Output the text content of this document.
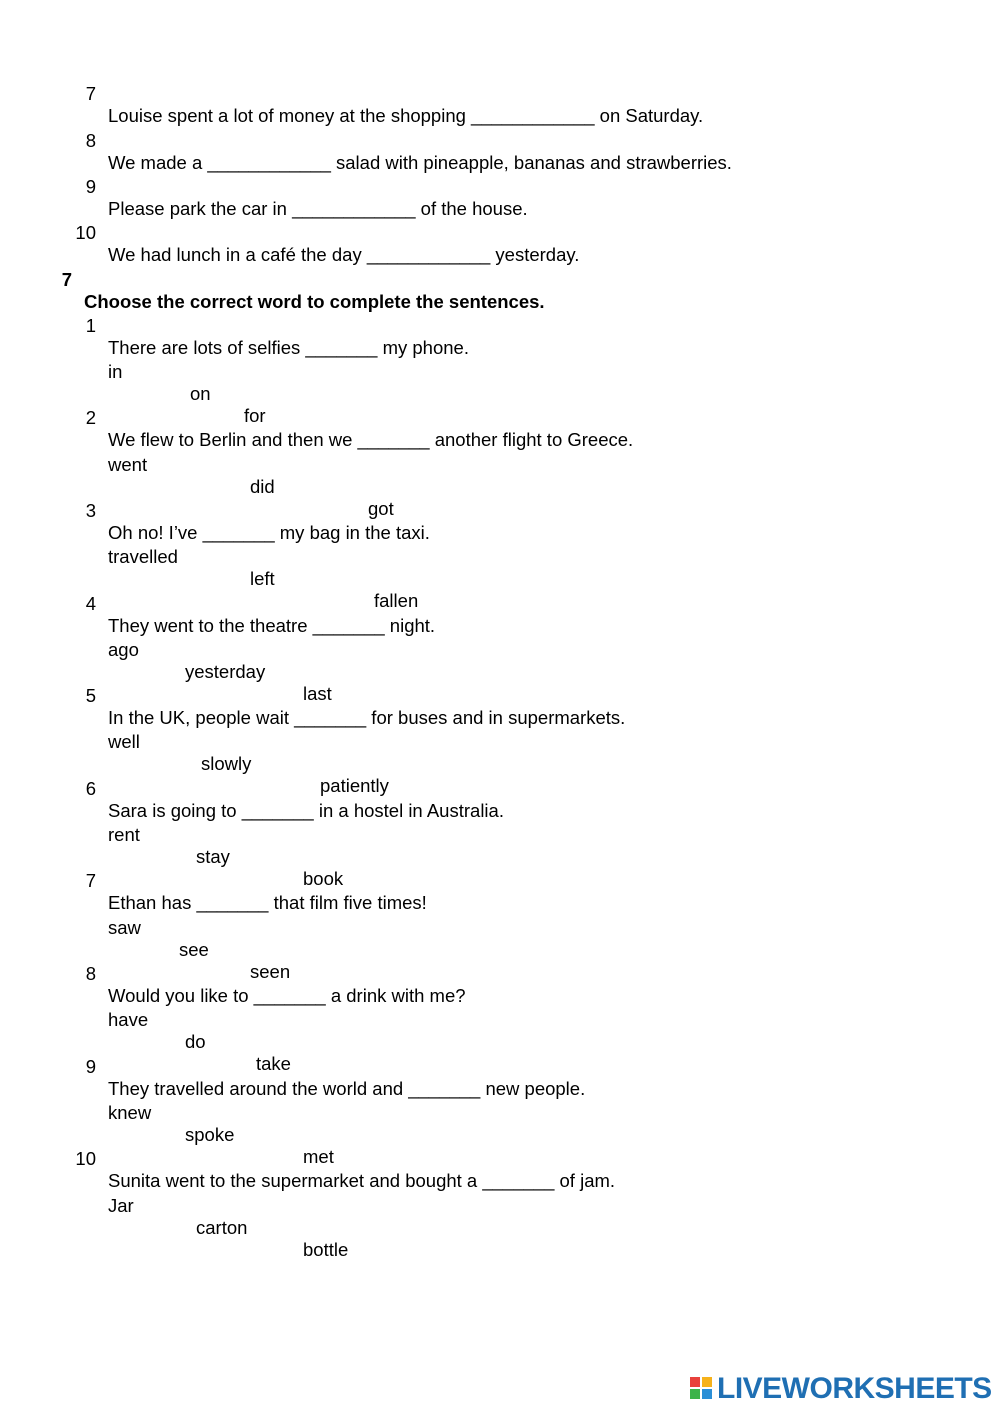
7

Louise spent a lot of money at the shopping ____________ on Saturday.

8

We made a ____________ salad with pineapple, bananas and strawberries.

9

Please park the car in ____________ of the house.

10

We had lunch in a café the day ____________ yesterday.

7

Choose the correct word to complete the sentences.

1

There are lots of selfies _______ my phone.

in

on

for

2

We flew to Berlin and then we _______ another flight to Greece.

went

did

got

3

Oh no! I’ve _______ my bag in the taxi.

travelled

left

fallen

4

They went to the theatre _______ night.

ago

yesterday

last

5

In the UK, people wait _______ for buses and in supermarkets.

well

slowly

patiently

6

Sara is going to _______ in a hostel in Australia.

rent

stay

book

7

Ethan has _______ that film five times!

saw

see

seen

8

Would you like to _______ a drink with me?

have

do

take

9

They travelled around the world and _______ new people.

knew

spoke

met

10

Sunita went to the supermarket and bought a _______ of jam.

Jar

carton

bottle

LIVEWORKSHEETS
